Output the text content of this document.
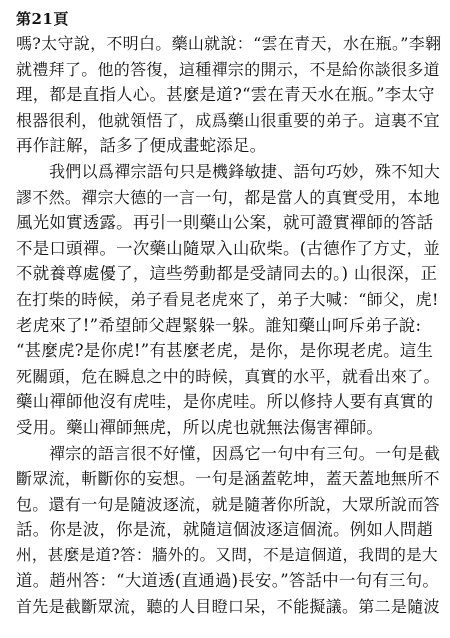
第21頁
嗎?太守說，不明白。藥山就說：“雲在青天，水在瓶。”李翱
就禮拜了。他的答復，這種禪宗的開示，不是給你談很多道
理，都是直指人心。甚麼是道?“雲在青天水在瓶。”李太守
根器很利，他就領悟了，成爲藥山很重要的弟子。這裏不宜
再作註解，話多了便成畫蛇添足。
我們以爲禪宗語句只是機鋒敏捷、語句巧妙，殊不知大
謬不然。禪宗大德的一言一句，都是當人的真實受用，本地
風光如實透露。再引一則藥山公案，就可證實禪師的答話
不是口頭禪。一次藥山隨眾入山砍柴。(古德作了方丈，並
不就養尊處優了，這些勞動都是受請同去的。) 山很深，正
在打柴的時候，弟子看見老虎來了，弟子大喊：“師父，虎!
老虎來了!”希望師父趕緊躲一躲。誰知藥山呵斥弟子說:
“甚麼虎?是你虎!”有甚麼老虎，是你，是你現老虎。這生
死關頭，危在瞬息之中的時候，真實的水平，就看出來了。
藥山禪師他沒有虎哇，是你虎哇。所以修持人要有真實的
受用。藥山禪師無虎，所以虎也就無法傷害禪師。
禪宗的語言很不好懂，因爲它一句中有三句。一句是截
斷眾流，斬斷你的妄想。一句是涵蓋乾坤，蓋天蓋地無所不
包。還有一句是隨波逐流，就是隨著你所說，大眾所說而答
話。你是波，你是流，就隨這個波逐這個流。例如人問趙
州，甚麼是道?答：牆外的。又問，不是這個道，我問的是大
道。趙州答：“大道透(直通過)長安。”答話中一句有三句。
首先是截斷眾流，聽的人目瞪口呆，不能擬議。第二是隨波
